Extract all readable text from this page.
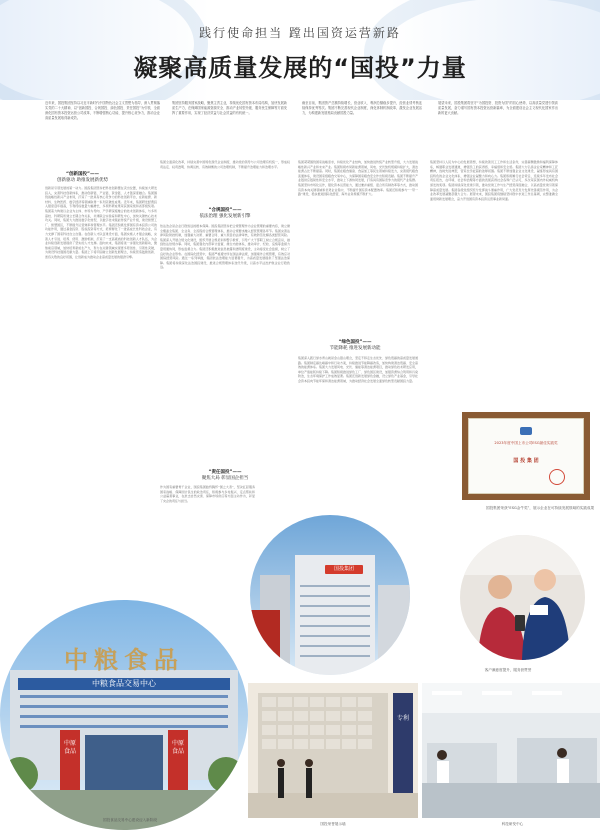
践行使命担当 蹚出国资运营新路
凝聚高质量发展的“国投”力量
近年来，国投集团坚持以习近平新时代中国特色社会主义思想为指导，深入贯彻落实党的二十大精神，以“创新国投、合规国投、绿色国投、责任国投”为引领，全面深化国有资本投资运营公司改革，不断增强核心功能、提升核心竞争力，推动企业高质量发展取得新成效。
集团坚持服务国家战略，聚焦主责主业，持续优化国有资本布局结构，加快发展新质生产力，在保障国家能源资源安全、推动产业转型升级、服务民生保障等方面发挥了重要作用，实现了经济效益与社会效益的有机统一。
截至目前，集团资产总额持续增长，营业收入、利润总额稳步提升，经营业绩考核连续保持优秀等次。集团不断完善现代企业制度，深化体制机制改革，激发企业发展活力，为构建新发展格局贡献国投力量。
展望未来，国投集团将坚守“为国投资、投资为国”的初心使命，以高质量党建引领高质量发展，奋力谱写国有资本投资运营新篇章，为全面建设社会主义现代化国家作出新的更大贡献。
“创新国投”——
创新驱动 助推发展新优势
创新是引领发展的第一动力。国投集团坚持把科技创新摆在突出位置，持续加大研发投入，完善科技创新体系，推动创新链、产业链、资金链、人才链深度融合。集团围绕战略性新兴产业布局，打造了一批具有核心竞争力的科技创新平台，在新能源、新材料、生物医药、数字经济等领域取得一系列突破性成果。近年来，集团研发经费投入强度逐年提高，专利授权数量大幅增长，多项科研成果荣获国家级和省部级奖项。集团着力构建以企业为主体、市场为导向、产学研深度融合的技术创新体系，与多所高校、科研院所建立长期合作关系，共建联合实验室和研发中心，加快关键核心技术攻关。同时，集团大力推进数字化转型，以数字技术赋能传统产业升级，建设智慧工厂、智慧园区，不断提升运营效率和管理水平。集团还积极发挥国有资本投资公司的功能作用，通过基金投资、股权投资等方式，培育孵化了一批高成长性科技企业，有力支撑了国家科技自立自强。在创新人才队伍建设方面，集团实施人才强企战略，完善人才引进、培养、使用、激励机制，打造了一支高素质的科技创新人才队伍，为企业持续创新发展提供了坚实的人才支撑。面向未来，集团将进一步强化创新驱动，聚焦前沿领域，加快培育新质生产力，努力在关键领域实现更多原创性、引领性突破，为建设科技强国贡献力量。集团上下将牢固树立创新发展理念，持续营造鼓励创新、宽容失败的良好氛围，让创新成为推动企业高质量发展的强劲引擎。
“合规国投”——
依法治理 强化发展新引擎
集团全面深化改革，持续完善中国特色现代企业制度，推动党的领导与公司治理有机统一，形成权责法定、权责透明、协调运转、有效制衡的公司治理机制，不断提升治理能力和治理水平。
依法治企是企业行稳致远的根本保障。国投集团坚持把合规管理作为企业管理的重要内容，建立健全覆盖全集团、全业务、全流程的合规管理体系，推动合规要求融入经营管理各环节。集团完善法律风险防控机制，加强重大决策、重要合同、重大项目的法律审核，有效防范化解各类经营风险。集团深入开展合规文化建设，组织开展合规培训和警示教育，引导广大干部职工树立合规意识，做到依法依规办事。同时，集团强化内部审计监督，健全内控体系，推动审计、纪检、巡察等监督力量贯通协同，形成监督合力。集团还积极推进信息披露和透明度建设，主动接受社会监督，树立了良好的企业形象。在国际化经营中，集团严格遵守所在国法律法规，加强境外合规管理，有效应对国际经营风险。通过一系列举措，集团依法治理能力显著提升，为高质量发展提供了坚强法治保障。集团将持续深化法治国投建设，推进合规管理体系迭代升级，以高水平法治护航企业行稳致远。
“责任国投”——
聚焦大局 彰显国企担当
作为国有重要骨干企业，国投集团始终胸怀“国之大者”，坚决扛起服务国家战略、保障国计民生的政治责任，积极参与乡村振兴、定点帮扶和公益慈善事业，在抗击自然灾害、保障市场供应等方面主动作为，彰显了央企的责任与担当。
集团紧紧围绕国家战略需求，持续优化产业结构，加快推进传统产业转型升级，大力发展战略性新兴产业和未来产业。集团积极布局新能源领域，风电、光伏装机规模持续扩大，清洁能源占比不断提高。同时，集团在粮食储备、食品加工等民生领域持续发力，完善现代粮食流通体系，建设国家级粮食交易中心，为保障国家粮食安全作出积极贡献。集团不断提升产业链供应链韧性和安全水平，推动上下游协同发展，打造具有国际竞争力的现代产业集群。集团坚持市场化运作，强化资本运营能力，通过兼并重组、混合所有制改革等方式，推动国有资本向关键领域和优势企业集中，不断提升国有资本配置效率。集团还积极参与“一带一路”建设，稳步推进国际化经营，海外业务规模不断扩大。
“绿色国投”——
节能降耗 推进发展新动能
集团深入践行绿水青山就是金山银山理念，坚定不移走生态优先、绿色低碳的高质量发展道路。集团制定碳达峰碳中和行动方案，持续推进节能降碳改造，加快构建清洁低碳、安全高效的能源体系。集团大力发展风电、光伏、储能等清洁能源项目，推动绿色技术研发应用，单位产值能耗持续下降。集团积极推进绿色工厂、绿色园区建设，加强资源综合利用和污染防治，生态环境保护工作成效显著。集团还创新发展绿色金融，设立绿色产业基金，引导社会资本投向节能环保和清洁能源领域，为推动经济社会发展全面绿色转型贡献国投力量。
集团坚持以人民为中心的发展思想，持续改善员工工作和生活条件，完善薪酬激励和福利保障体系，畅通职业发展通道，增强员工的获得感、幸福感和安全感。集团大力弘扬企业家精神和工匠精神，选树先进典型，营造比学赶超的浓厚氛围。集团不断加强企业文化建设，凝练形成具有国投特色的企业文化体系，增强企业凝聚力和向心力。集团积极履行社会责任，连续多年发布社会责任报告，在环境、社会和治理等方面的表现获得社会各界广泛认可，多次荣获国内外权威机构颁发的奖项。集团持续深化党建引领，推动党建工作与生产经营深度融合，以高质量党建引领保障高质量发展。集团各级党组织充分发挥战斗堡垒作用，广大党员充分发挥先锋模范作用，为企业改革发展凝聚起强大合力。展望未来，国投集团将继续坚持稳中求进工作总基调，完整准确全面贯彻新发展理念，奋力开创国有资本投资运营事业新局面。
2023年度中国上市公司ESG最佳实践奖
国 投 集 团
国投集团荣获“ESG金牛奖”，展示企业在可持续发展领域的实践成果
国投集团
客户满意度提升，服务获赞誉
中粮食品
中粮食品交易中心
中原食品
中原食品
国投食品交易中心建设迈入新阶段
专利
国投荣誉展示墙	科技研发中心
